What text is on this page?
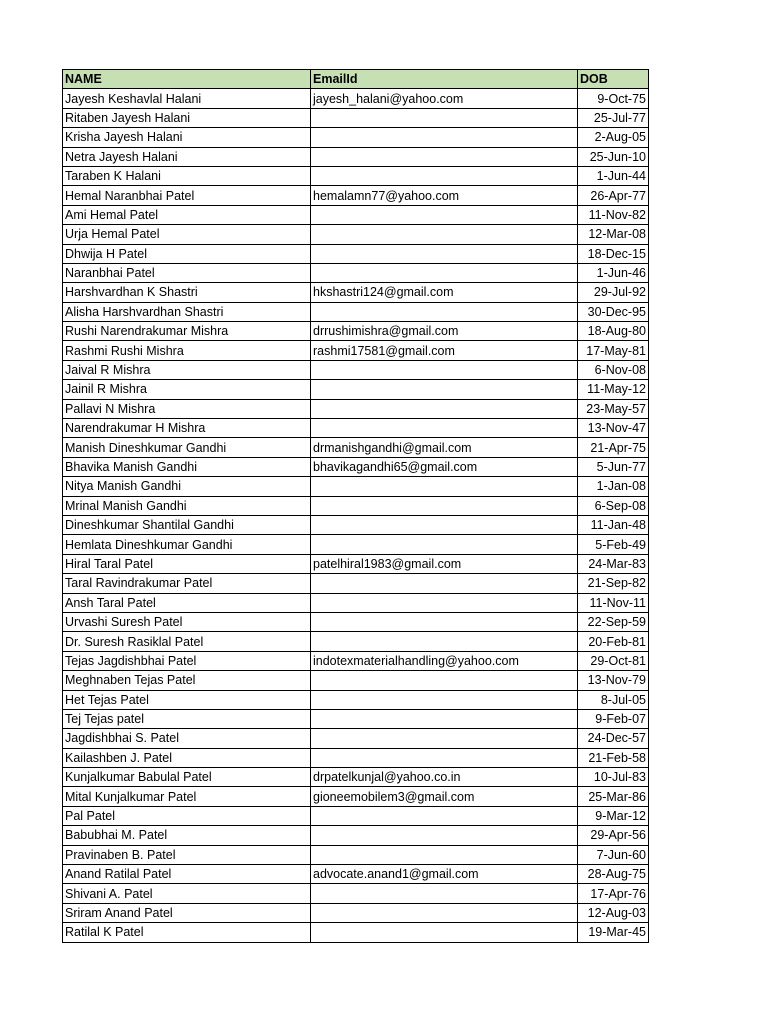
NAME	EmailId	DOB
Jayesh Keshavlal Halani	jayesh_halani@yahoo.com	9-Oct-75
Ritaben Jayesh Halani		25-Jul-77
Krisha Jayesh Halani		2-Aug-05
Netra Jayesh Halani		25-Jun-10
Taraben K Halani		1-Jun-44
Hemal Naranbhai Patel	hemalamn77@yahoo.com	26-Apr-77
Ami Hemal Patel		11-Nov-82
Urja Hemal Patel		12-Mar-08
Dhwija H Patel		18-Dec-15
Naranbhai Patel		1-Jun-46
Harshvardhan K Shastri	hkshastri124@gmail.com	29-Jul-92
Alisha Harshvardhan Shastri		30-Dec-95
Rushi Narendrakumar Mishra	drrushimishra@gmail.com	18-Aug-80
Rashmi Rushi Mishra	rashmi17581@gmail.com	17-May-81
Jaival R Mishra		6-Nov-08
Jainil R Mishra		11-May-12
Pallavi N Mishra		23-May-57
Narendrakumar H Mishra		13-Nov-47
Manish Dineshkumar Gandhi	drmanishgandhi@gmail.com	21-Apr-75
Bhavika Manish Gandhi	bhavikagandhi65@gmail.com	5-Jun-77
Nitya Manish Gandhi		1-Jan-08
Mrinal Manish Gandhi		6-Sep-08
Dineshkumar Shantilal Gandhi		11-Jan-48
Hemlata Dineshkumar Gandhi		5-Feb-49
Hiral Taral Patel	patelhiral1983@gmail.com	24-Mar-83
Taral Ravindrakumar Patel		21-Sep-82
Ansh Taral Patel		11-Nov-11
Urvashi Suresh Patel		22-Sep-59
Dr. Suresh Rasiklal Patel		20-Feb-81
Tejas Jagdishbhai Patel	indotexmaterialhandling@yahoo.com	29-Oct-81
Meghnaben Tejas Patel		13-Nov-79
Het Tejas Patel		8-Jul-05
Tej Tejas patel		9-Feb-07
Jagdishbhai S. Patel		24-Dec-57
Kailashben J. Patel		21-Feb-58
Kunjalkumar Babulal Patel	drpatelkunjal@yahoo.co.in	10-Jul-83
Mital Kunjalkumar Patel	gioneemobilem3@gmail.com	25-Mar-86
Pal Patel		9-Mar-12
Babubhai M. Patel		29-Apr-56
Pravinaben B. Patel		7-Jun-60
Anand Ratilal Patel	advocate.anand1@gmail.com	28-Aug-75
Shivani A. Patel		17-Apr-76
Sriram Anand Patel		12-Aug-03
Ratilal K Patel		19-Mar-45
